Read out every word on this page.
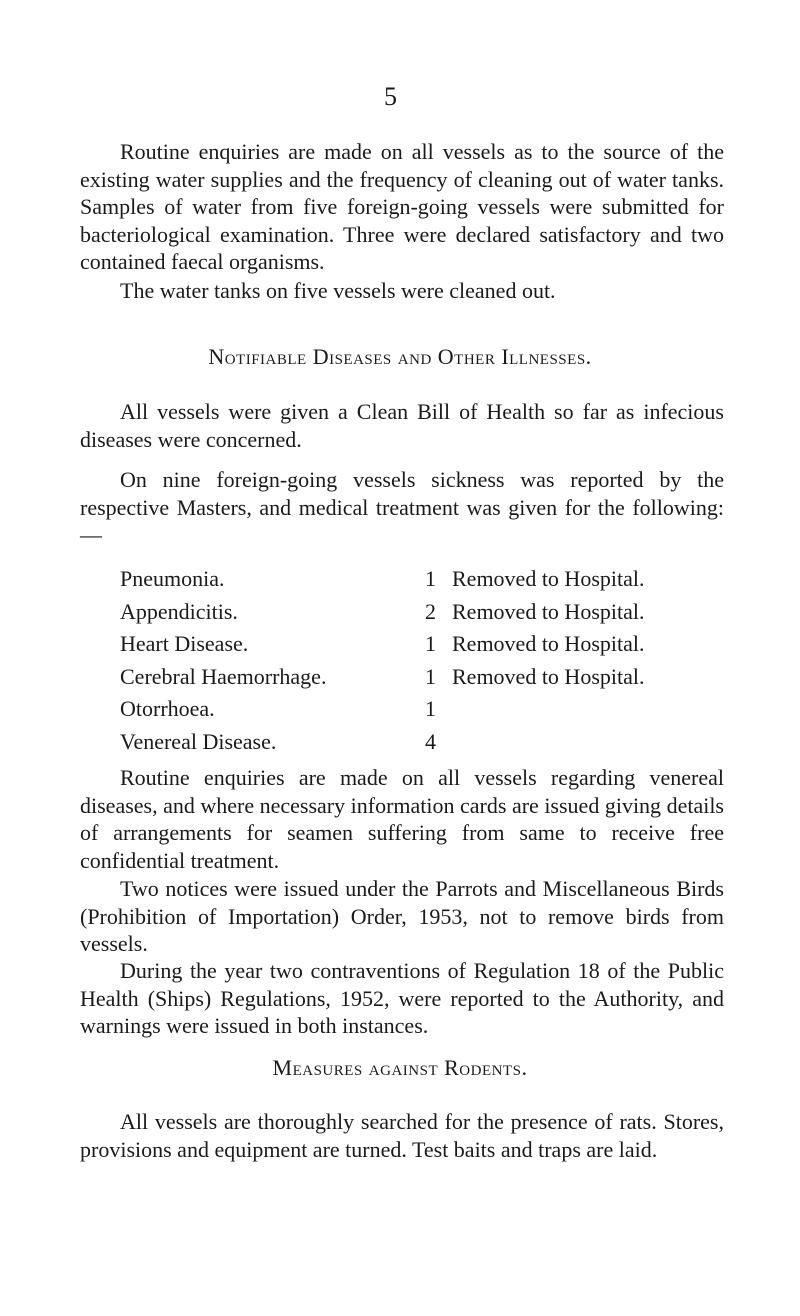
5

Routine enquiries are made on all vessels as to the source of the existing water supplies and the frequency of cleaning out of water tanks. Samples of water from five foreign-going vessels were submitted for bacteriological examination. Three were declared satisfactory and two contained faecal organisms.

The water tanks on five vessels were cleaned out.

Notifiable Diseases and Other Illnesses.

All vessels were given a Clean Bill of Health so far as infecious diseases were concerned.

On nine foreign-going vessels sickness was reported by the respective Masters, and medical treatment was given for the following: —

Pneumonia.	1 Removed to Hospital.
Appendicitis.	2 Removed to Hospital.
Heart Disease.	1 Removed to Hospital.
Cerebral Haemorrhage.	1 Removed to Hospital.
Otorrhoea.	1
Venereal Disease.	4

Routine enquiries are made on all vessels regarding venereal diseases, and where necessary information cards are issued giving details of arrangements for seamen suffering from same to receive free confidential treatment.

Two notices were issued under the Parrots and Miscellaneous Birds (Prohibition of Importation) Order, 1953, not to remove birds from vessels.

During the year two contraventions of Regulation 18 of the Public Health (Ships) Regulations, 1952, were reported to the Authority, and warnings were issued in both instances.

Measures against Rodents.

All vessels are thoroughly searched for the presence of rats. Stores, provisions and equipment are turned. Test baits and traps are laid.
